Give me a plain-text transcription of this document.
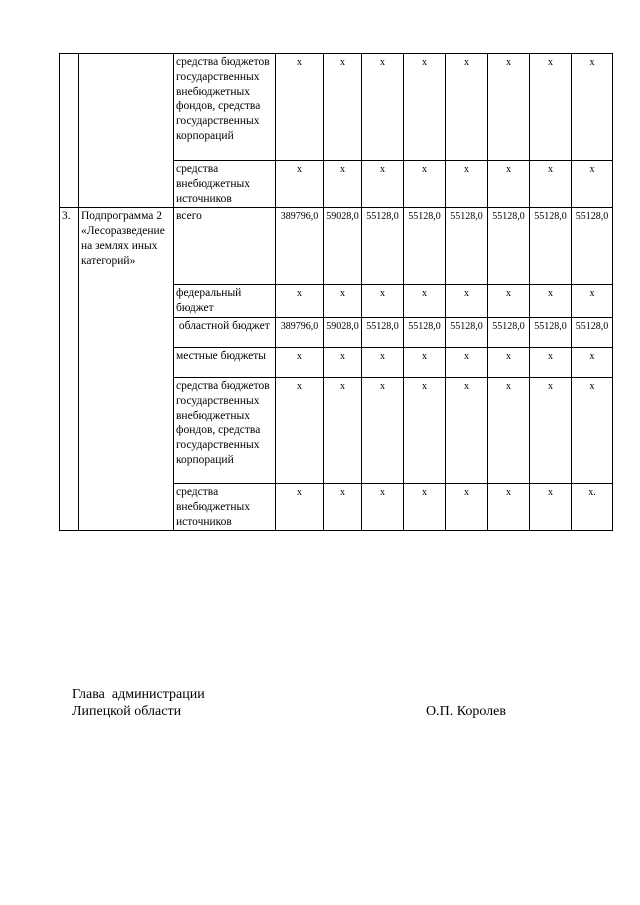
		средства бюджетов государственных внебюджетных фондов, средства государственных корпораций	x	x	x	x	x	x	x	x
		средства внебюджетных источников	x	x	x	x	x	x	x	x
3.	Подпрограмма 2 «Лесоразведение на землях иных категорий»	всего	389796,0	59028,0	55128,0	55128,0	55128,0	55128,0	55128,0	55128,0
		федеральный бюджет	x	x	x	x	x	x	x	x
		областной бюджет	389796,0	59028,0	55128,0	55128,0	55128,0	55128,0	55128,0	55128,0
		местные бюджеты	x	x	x	x	x	x	x	x
		средства бюджетов государственных внебюджетных фондов, средства государственных корпораций	x	x	x	x	x	x	x	x
		средства внебюджетных источников	x	x	x	x	x	x	x	x.
Глава  администрации
Липецкой области	О.П. Королев
